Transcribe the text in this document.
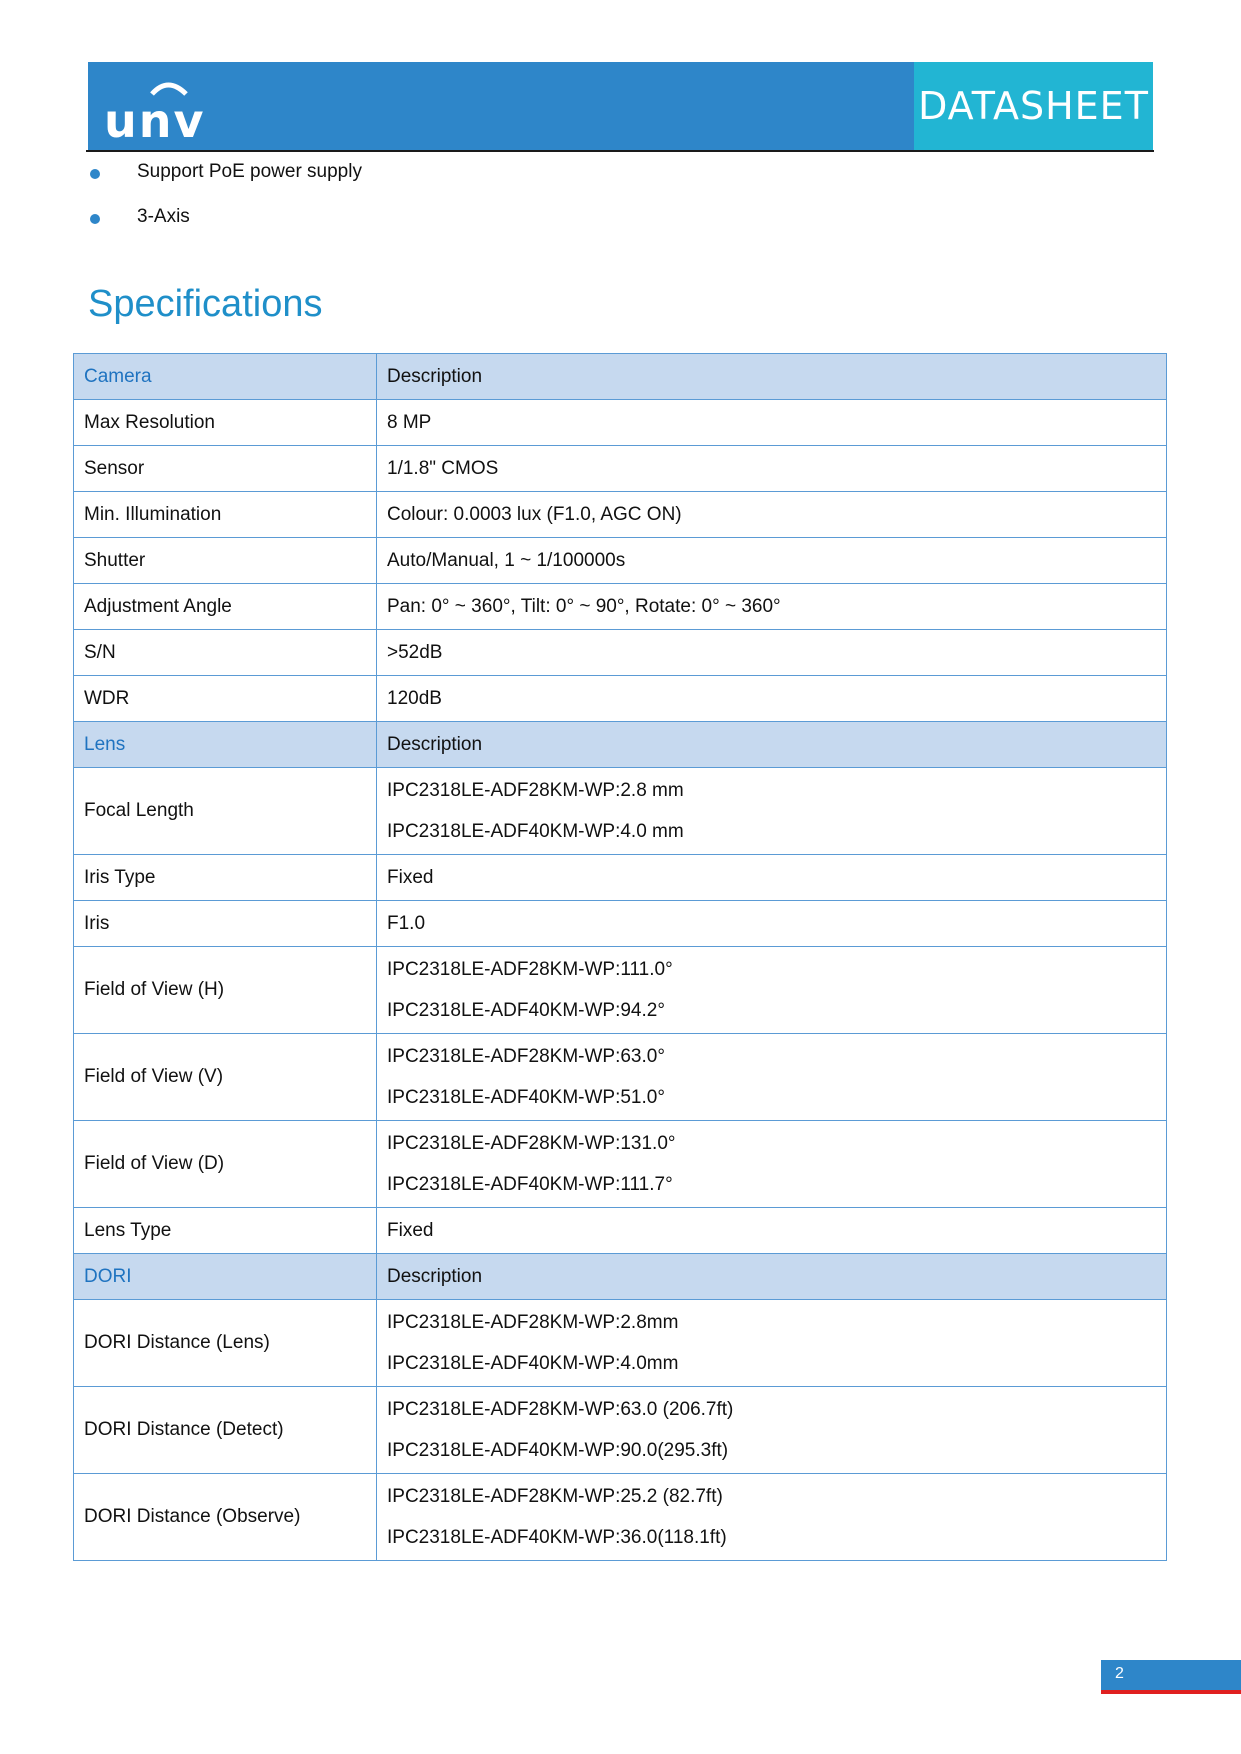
unv	DATASHEET
Support PoE power supply
3-Axis
Specifications
Camera	Description

Max Resolution	8 MP

Sensor	1/1.8" CMOS

Min. Illumination	Colour: 0.0003 lux (F1.0, AGC ON)

Shutter	Auto/Manual, 1 ~ 1/100000s

Adjustment Angle	Pan: 0° ~ 360°, Tilt: 0° ~ 90°, Rotate: 0° ~ 360°

S/N	>52dB

WDR	120dB

Lens	Description

Focal Length	IPC2318LE-ADF28KM-WP:2.8 mm
IPC2318LE-ADF40KM-WP:4.0 mm

Iris Type	Fixed

Iris	F1.0

Field of View (H)	IPC2318LE-ADF28KM-WP:111.0°
IPC2318LE-ADF40KM-WP:94.2°

Field of View (V)	IPC2318LE-ADF28KM-WP:63.0°
IPC2318LE-ADF40KM-WP:51.0°

Field of View (D)	IPC2318LE-ADF28KM-WP:131.0°
IPC2318LE-ADF40KM-WP:111.7°

Lens Type	Fixed

DORI	Description

DORI Distance (Lens)	IPC2318LE-ADF28KM-WP:2.8mm
IPC2318LE-ADF40KM-WP:4.0mm

DORI Distance (Detect)	IPC2318LE-ADF28KM-WP:63.0 (206.7ft)
IPC2318LE-ADF40KM-WP:90.0(295.3ft)

DORI Distance (Observe)	IPC2318LE-ADF28KM-WP:25.2 (82.7ft)
IPC2318LE-ADF40KM-WP:36.0(118.1ft)
2
